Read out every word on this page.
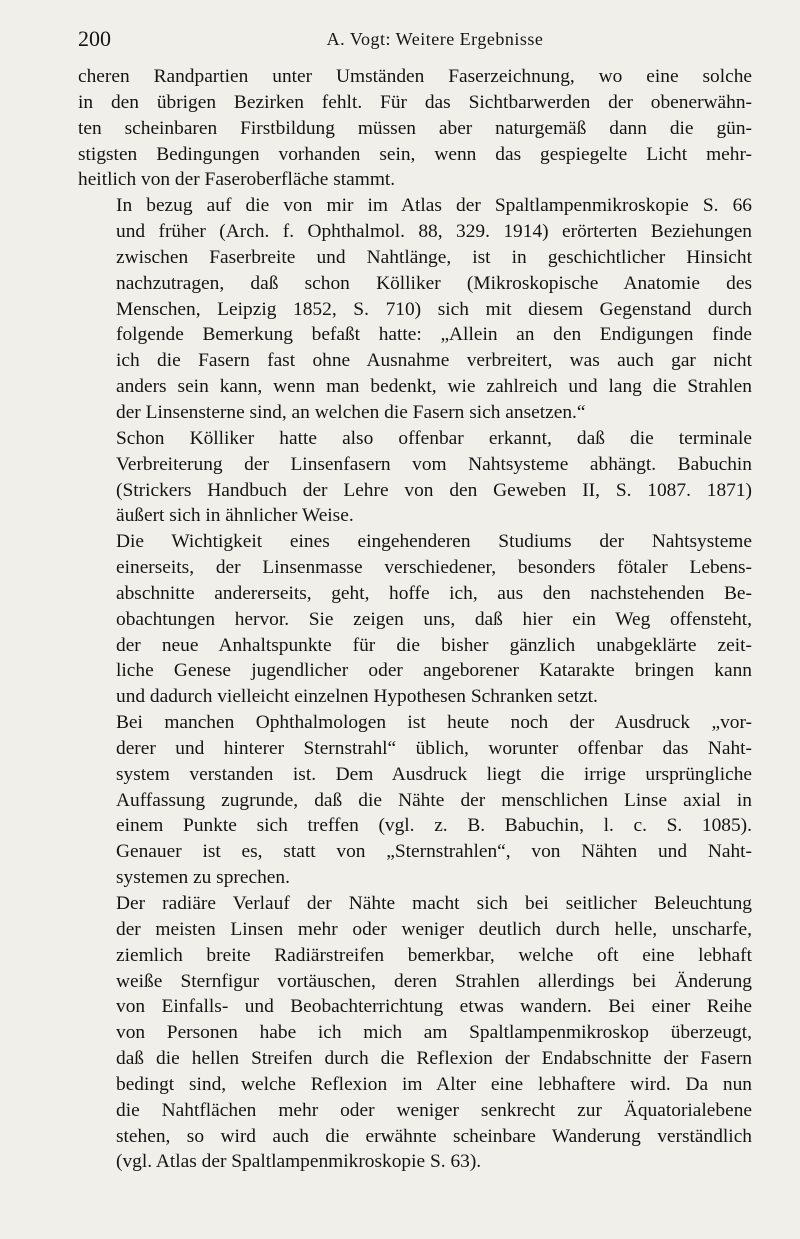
200	A. Vogt: Weitere Ergebnisse

cheren Randpartien unter Umständen Faserzeichnung, wo eine solche
in den übrigen Bezirken fehlt. Für das Sichtbarwerden der obenerwähn-
ten scheinbaren Firstbildung müssen aber naturgemäß dann die gün-
stigsten Bedingungen vorhanden sein, wenn das gespiegelte Licht mehr-
heitlich von der Faseroberfläche stammt.

In bezug auf die von mir im Atlas der Spaltlampenmikroskopie S. 66
und früher (Arch. f. Ophthalmol. 88, 329. 1914) erörterten Beziehungen
zwischen Faserbreite und Nahtlänge, ist in geschichtlicher Hinsicht
nachzutragen, daß schon Kölliker (Mikroskopische Anatomie des
Menschen, Leipzig 1852, S. 710) sich mit diesem Gegenstand durch
folgende Bemerkung befaßt hatte: „Allein an den Endigungen finde
ich die Fasern fast ohne Ausnahme verbreitert, was auch gar nicht
anders sein kann, wenn man bedenkt, wie zahlreich und lang die Strahlen
der Linsensterne sind, an welchen die Fasern sich ansetzen.“

Schon Kölliker hatte also offenbar erkannt, daß die terminale
Verbreiterung der Linsenfasern vom Nahtsysteme abhängt. Babuchin
(Strickers Handbuch der Lehre von den Geweben II, S. 1087. 1871)
äußert sich in ähnlicher Weise.

Die Wichtigkeit eines eingehenderen Studiums der Nahtsysteme
einerseits, der Linsenmasse verschiedener, besonders fötaler Lebens-
abschnitte andererseits, geht, hoffe ich, aus den nachstehenden Be-
obachtungen hervor. Sie zeigen uns, daß hier ein Weg offensteht,
der neue Anhaltspunkte für die bisher gänzlich unabgeklärte zeit-
liche Genese jugendlicher oder angeborener Katarakte bringen kann
und dadurch vielleicht einzelnen Hypothesen Schranken setzt.

Bei manchen Ophthalmologen ist heute noch der Ausdruck „vor-
derer und hinterer Sternstrahl“ üblich, worunter offenbar das Naht-
system verstanden ist. Dem Ausdruck liegt die irrige ursprüngliche
Auffassung zugrunde, daß die Nähte der menschlichen Linse axial in
einem Punkte sich treffen (vgl. z. B. Babuchin, l. c. S. 1085).
Genauer ist es, statt von „Sternstrahlen“, von Nähten und Naht-
systemen zu sprechen.

Der radiäre Verlauf der Nähte macht sich bei seitlicher Beleuchtung
der meisten Linsen mehr oder weniger deutlich durch helle, unscharfe,
ziemlich breite Radiärstreifen bemerkbar, welche oft eine lebhaft
weiße Sternfigur vortäuschen, deren Strahlen allerdings bei Änderung
von Einfalls- und Beobachterrichtung etwas wandern. Bei einer Reihe
von Personen habe ich mich am Spaltlampenmikroskop überzeugt,
daß die hellen Streifen durch die Reflexion der Endabschnitte der Fasern
bedingt sind, welche Reflexion im Alter eine lebhaftere wird. Da nun
die Nahtflächen mehr oder weniger senkrecht zur Äquatorialebene
stehen, so wird auch die erwähnte scheinbare Wanderung verständlich
(vgl. Atlas der Spaltlampenmikroskopie S. 63).
